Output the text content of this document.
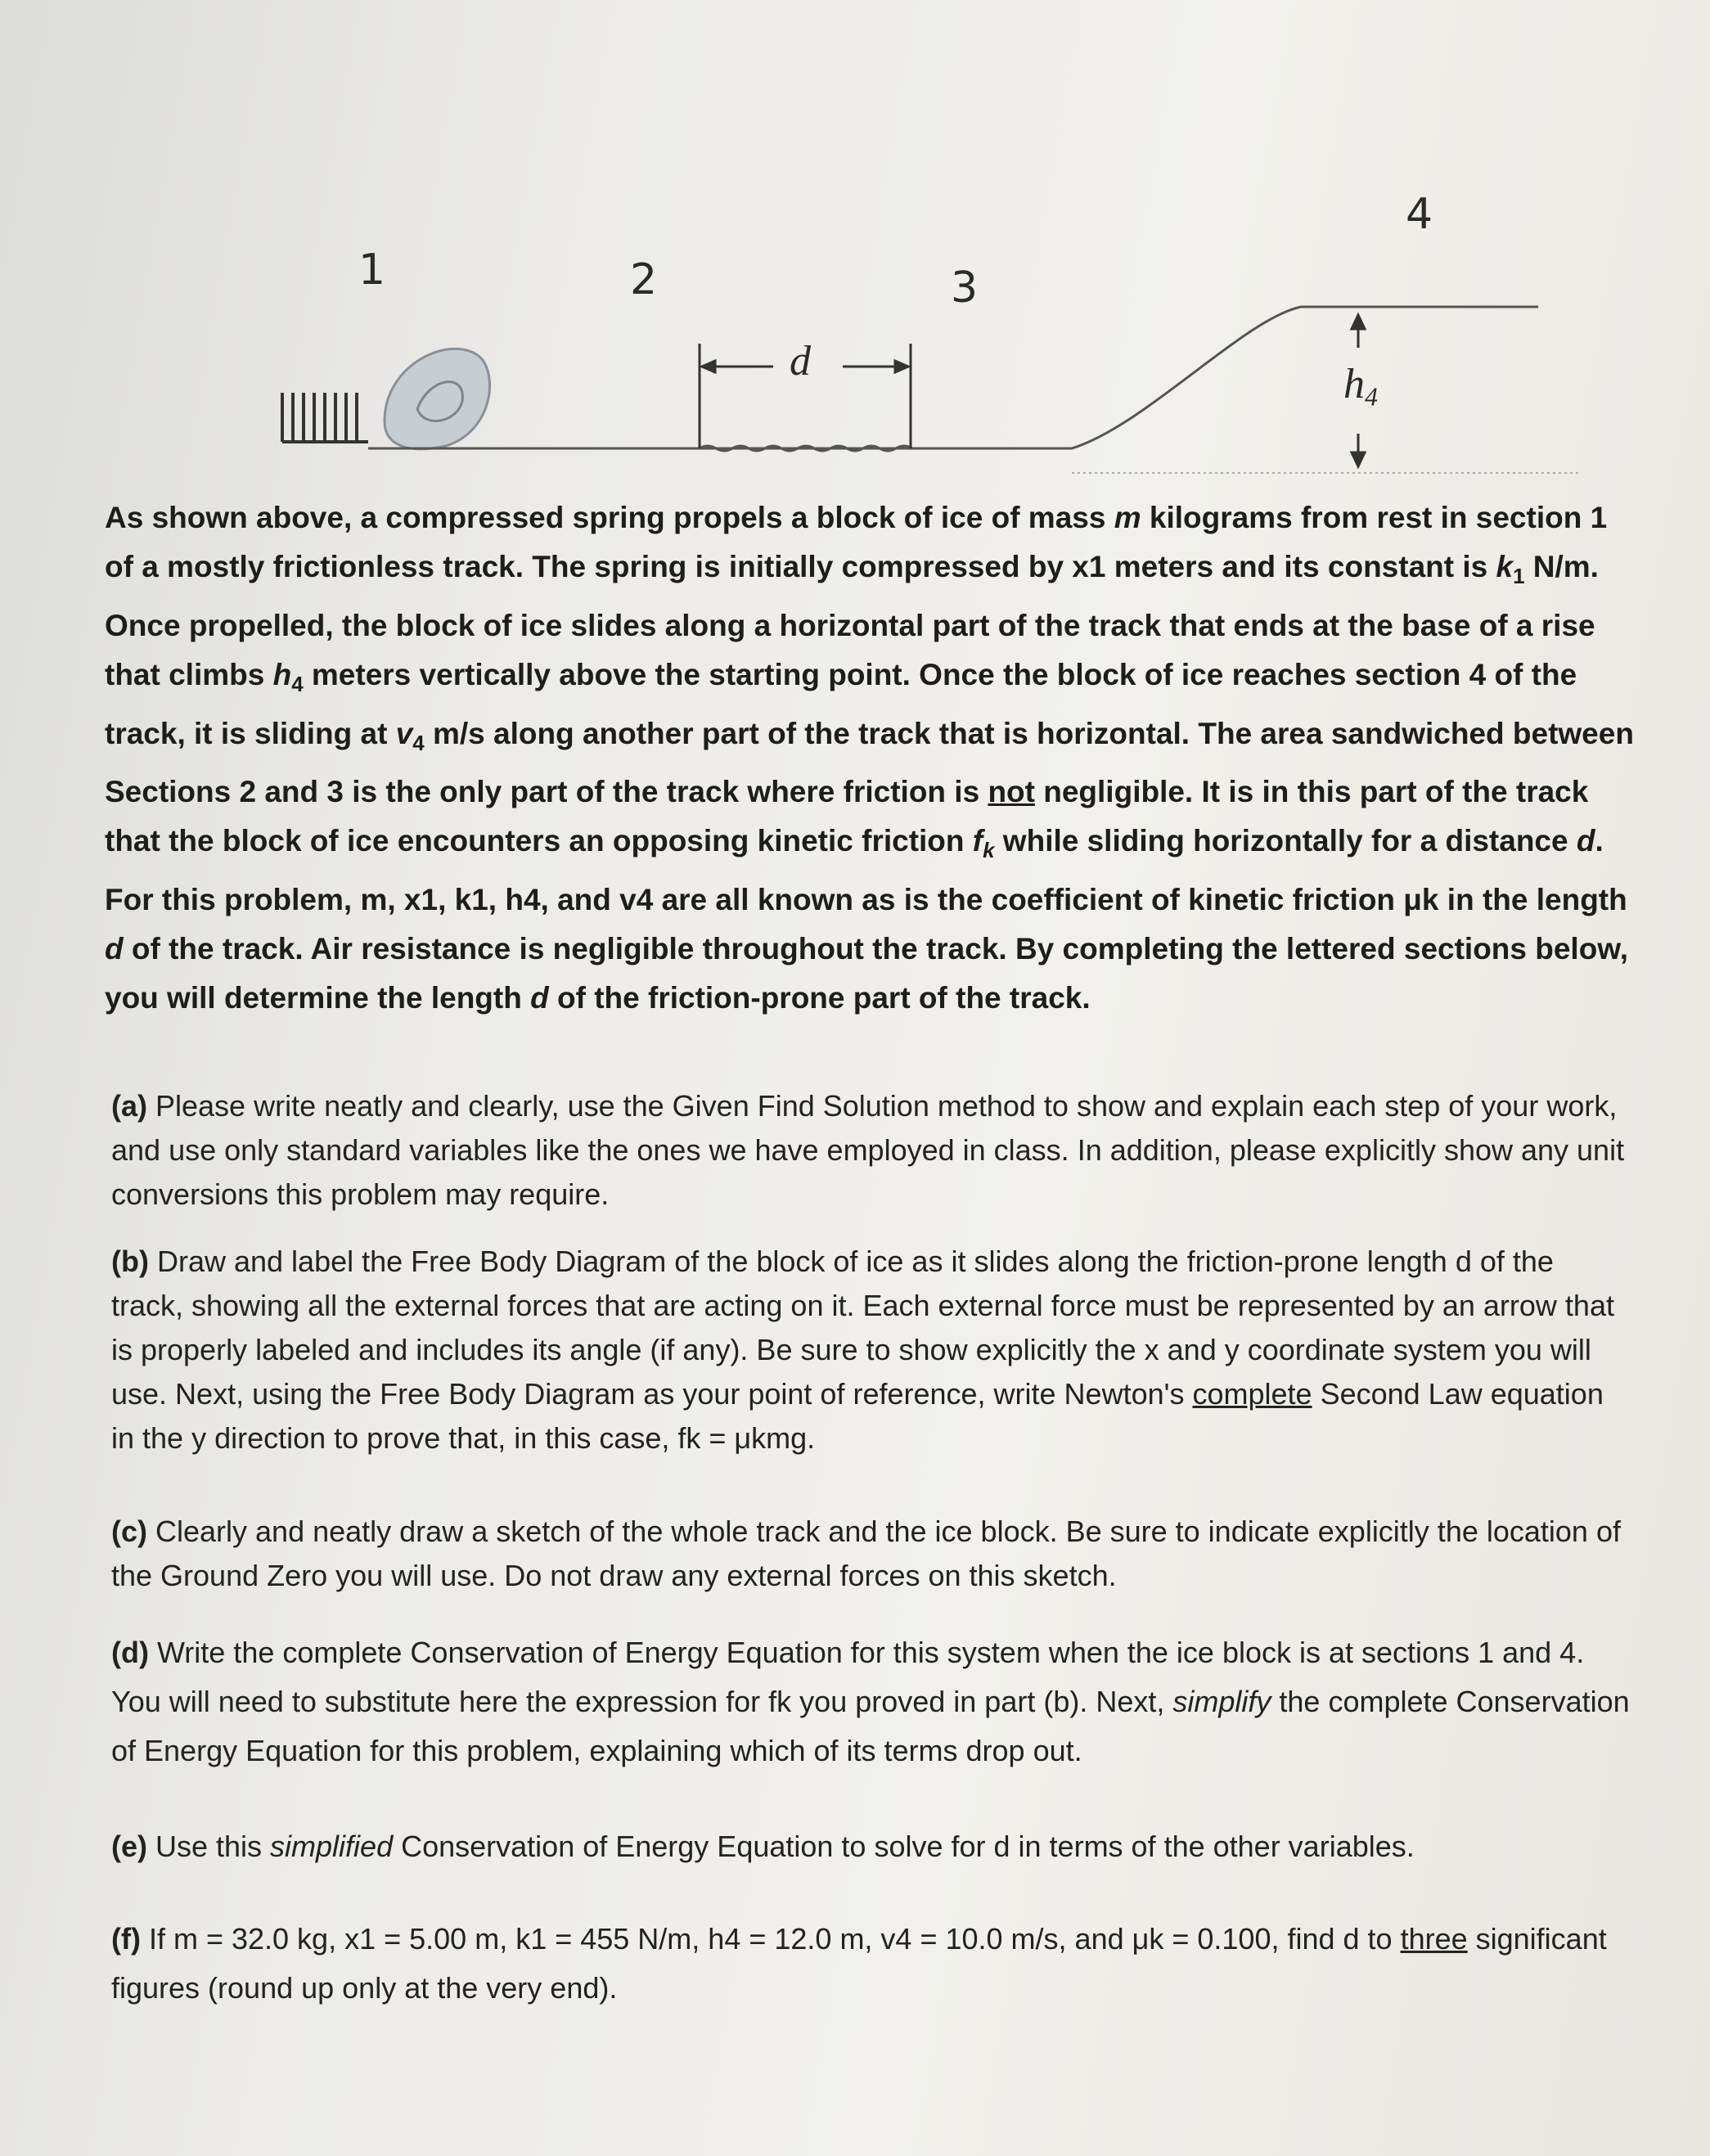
1	2	3
4
d	$h_4$

As shown above, a compressed spring propels a block of ice of mass m kilograms from rest in section 1 of a mostly frictionless track. The spring is initially compressed by x1 meters and its constant is $k_1$ N/m. Once propelled, the block of ice slides along a horizontal part of the track that ends at the base of a rise that climbs $h_4$ meters vertically above the starting point. Once the block of ice reaches section 4 of the track, it is sliding at $v_4$ m/s along another part of the track that is horizontal. The area sandwiched between Sections 2 and 3 is the only part of the track where friction is not negligible. It is in this part of the track that the block of ice encounters an opposing kinetic friction $f_k$ while sliding horizontally for a distance d. For this problem, m, x1, k1, h4, and v4 are all known as is the coefficient of kinetic friction μk in the length d of the track. Air resistance is negligible throughout the track. By completing the lettered sections below, you will determine the length d of the friction-prone part of the track.

(a) Please write neatly and clearly, use the Given Find Solution method to show and explain each step of your work, and use only standard variables like the ones we have employed in class. In addition, please explicitly show any unit conversions this problem may require.
(b) Draw and label the Free Body Diagram of the block of ice as it slides along the friction-prone length d of the track, showing all the external forces that are acting on it. Each external force must be represented by an arrow that is properly labeled and includes its angle (if any). Be sure to show explicitly the x and y coordinate system you will use. Next, using the Free Body Diagram as your point of reference, write Newton's complete Second Law equation in the y direction to prove that, in this case, fk = μkmg.
(c) Clearly and neatly draw a sketch of the whole track and the ice block. Be sure to indicate explicitly the location of the Ground Zero you will use. Do not draw any external forces on this sketch.
(d) Write the complete Conservation of Energy Equation for this system when the ice block is at sections 1 and 4. You will need to substitute here the expression for fk you proved in part (b). Next, simplify the complete Conservation of Energy Equation for this problem, explaining which of its terms drop out.
(e) Use this simplified Conservation of Energy Equation to solve for d in terms of the other variables.
(f) If m = 32.0 kg, x1 = 5.00 m, k1 = 455 N/m, h4 = 12.0 m, v4 = 10.0 m/s, and μk = 0.100, find d to three significant figures (round up only at the very end).
